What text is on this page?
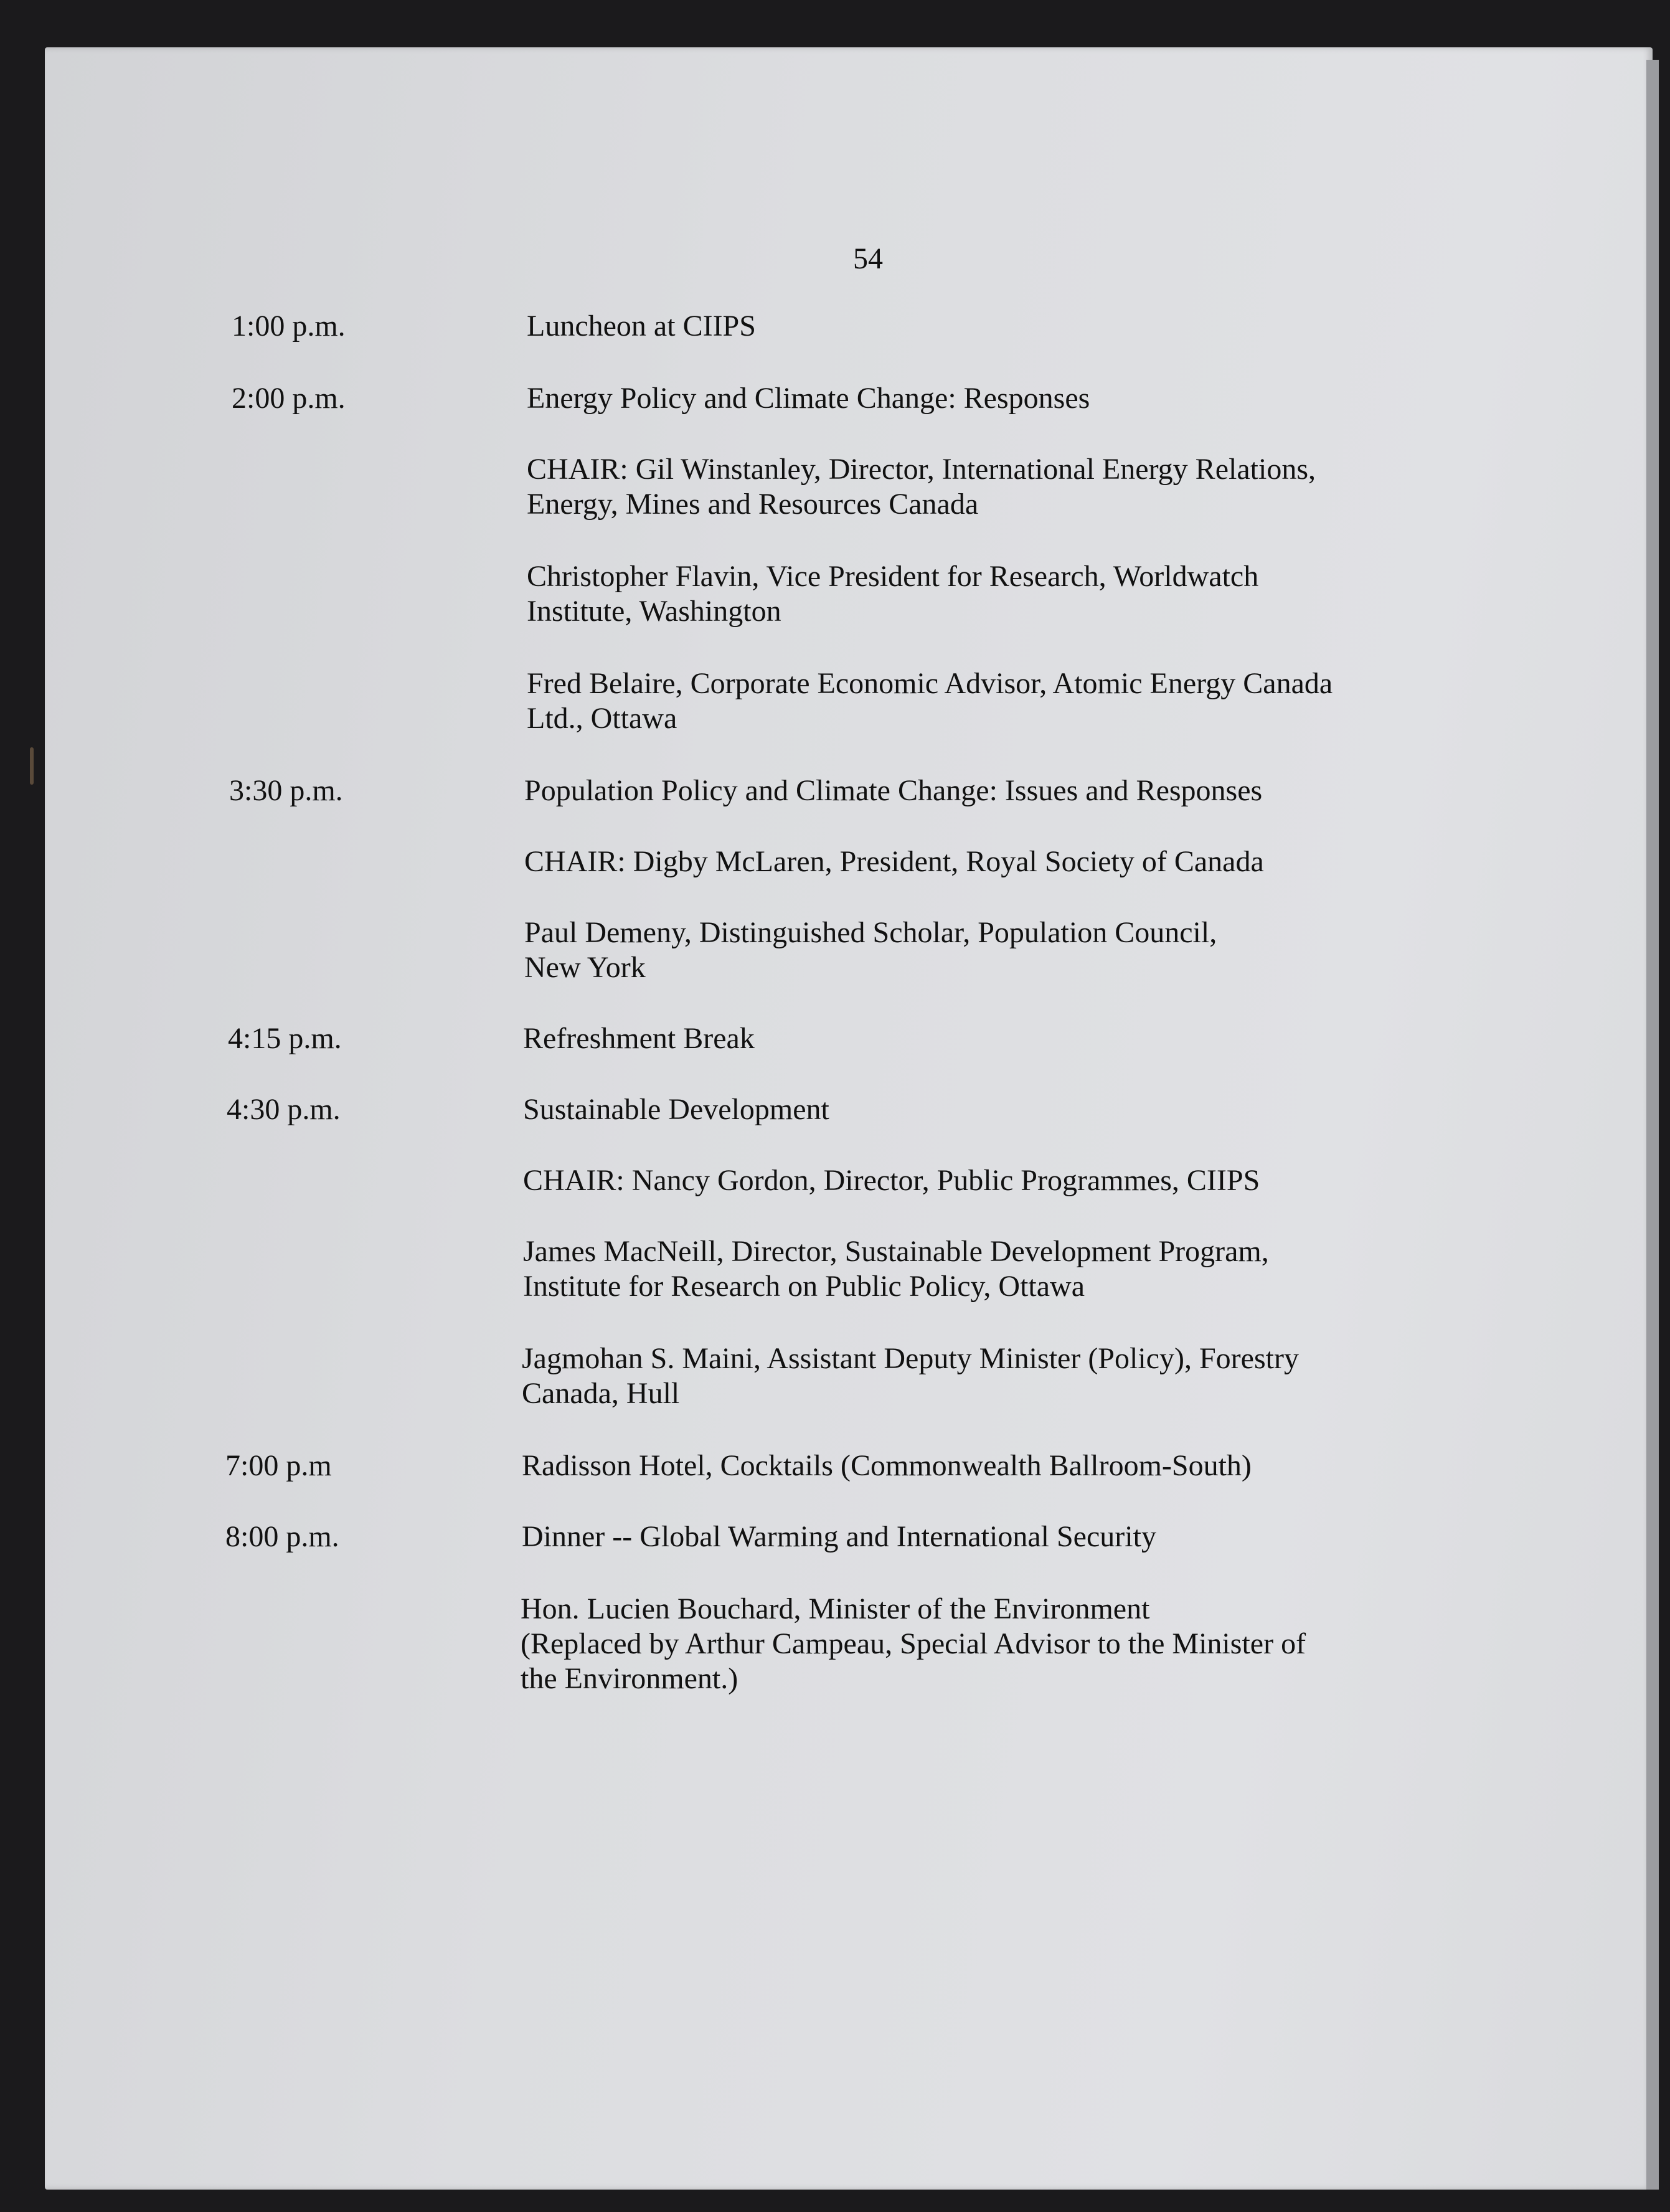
54
1:00 p.m.	Luncheon at CIIPS
2:00 p.m.	Energy Policy and Climate Change: Responses
CHAIR: Gil Winstanley, Director, International Energy Relations,
Energy, Mines and Resources Canada
Christopher Flavin, Vice President for Research, Worldwatch
Institute, Washington
Fred Belaire, Corporate Economic Advisor, Atomic Energy Canada
Ltd., Ottawa
3:30 p.m.	Population Policy and Climate Change: Issues and Responses
CHAIR: Digby McLaren, President, Royal Society of Canada
Paul Demeny, Distinguished Scholar, Population Council,
New York
4:15 p.m.	Refreshment Break
4:30 p.m.	Sustainable Development
CHAIR: Nancy Gordon, Director, Public Programmes, CIIPS
James MacNeill, Director, Sustainable Development Program,
Institute for Research on Public Policy, Ottawa
Jagmohan S. Maini, Assistant Deputy Minister (Policy), Forestry
Canada, Hull
7:00 p.m	Radisson Hotel, Cocktails (Commonwealth Ballroom-South)
8:00 p.m.	Dinner -- Global Warming and International Security
Hon. Lucien Bouchard, Minister of the Environment
(Replaced by Arthur Campeau, Special Advisor to the Minister of
the Environment.)
